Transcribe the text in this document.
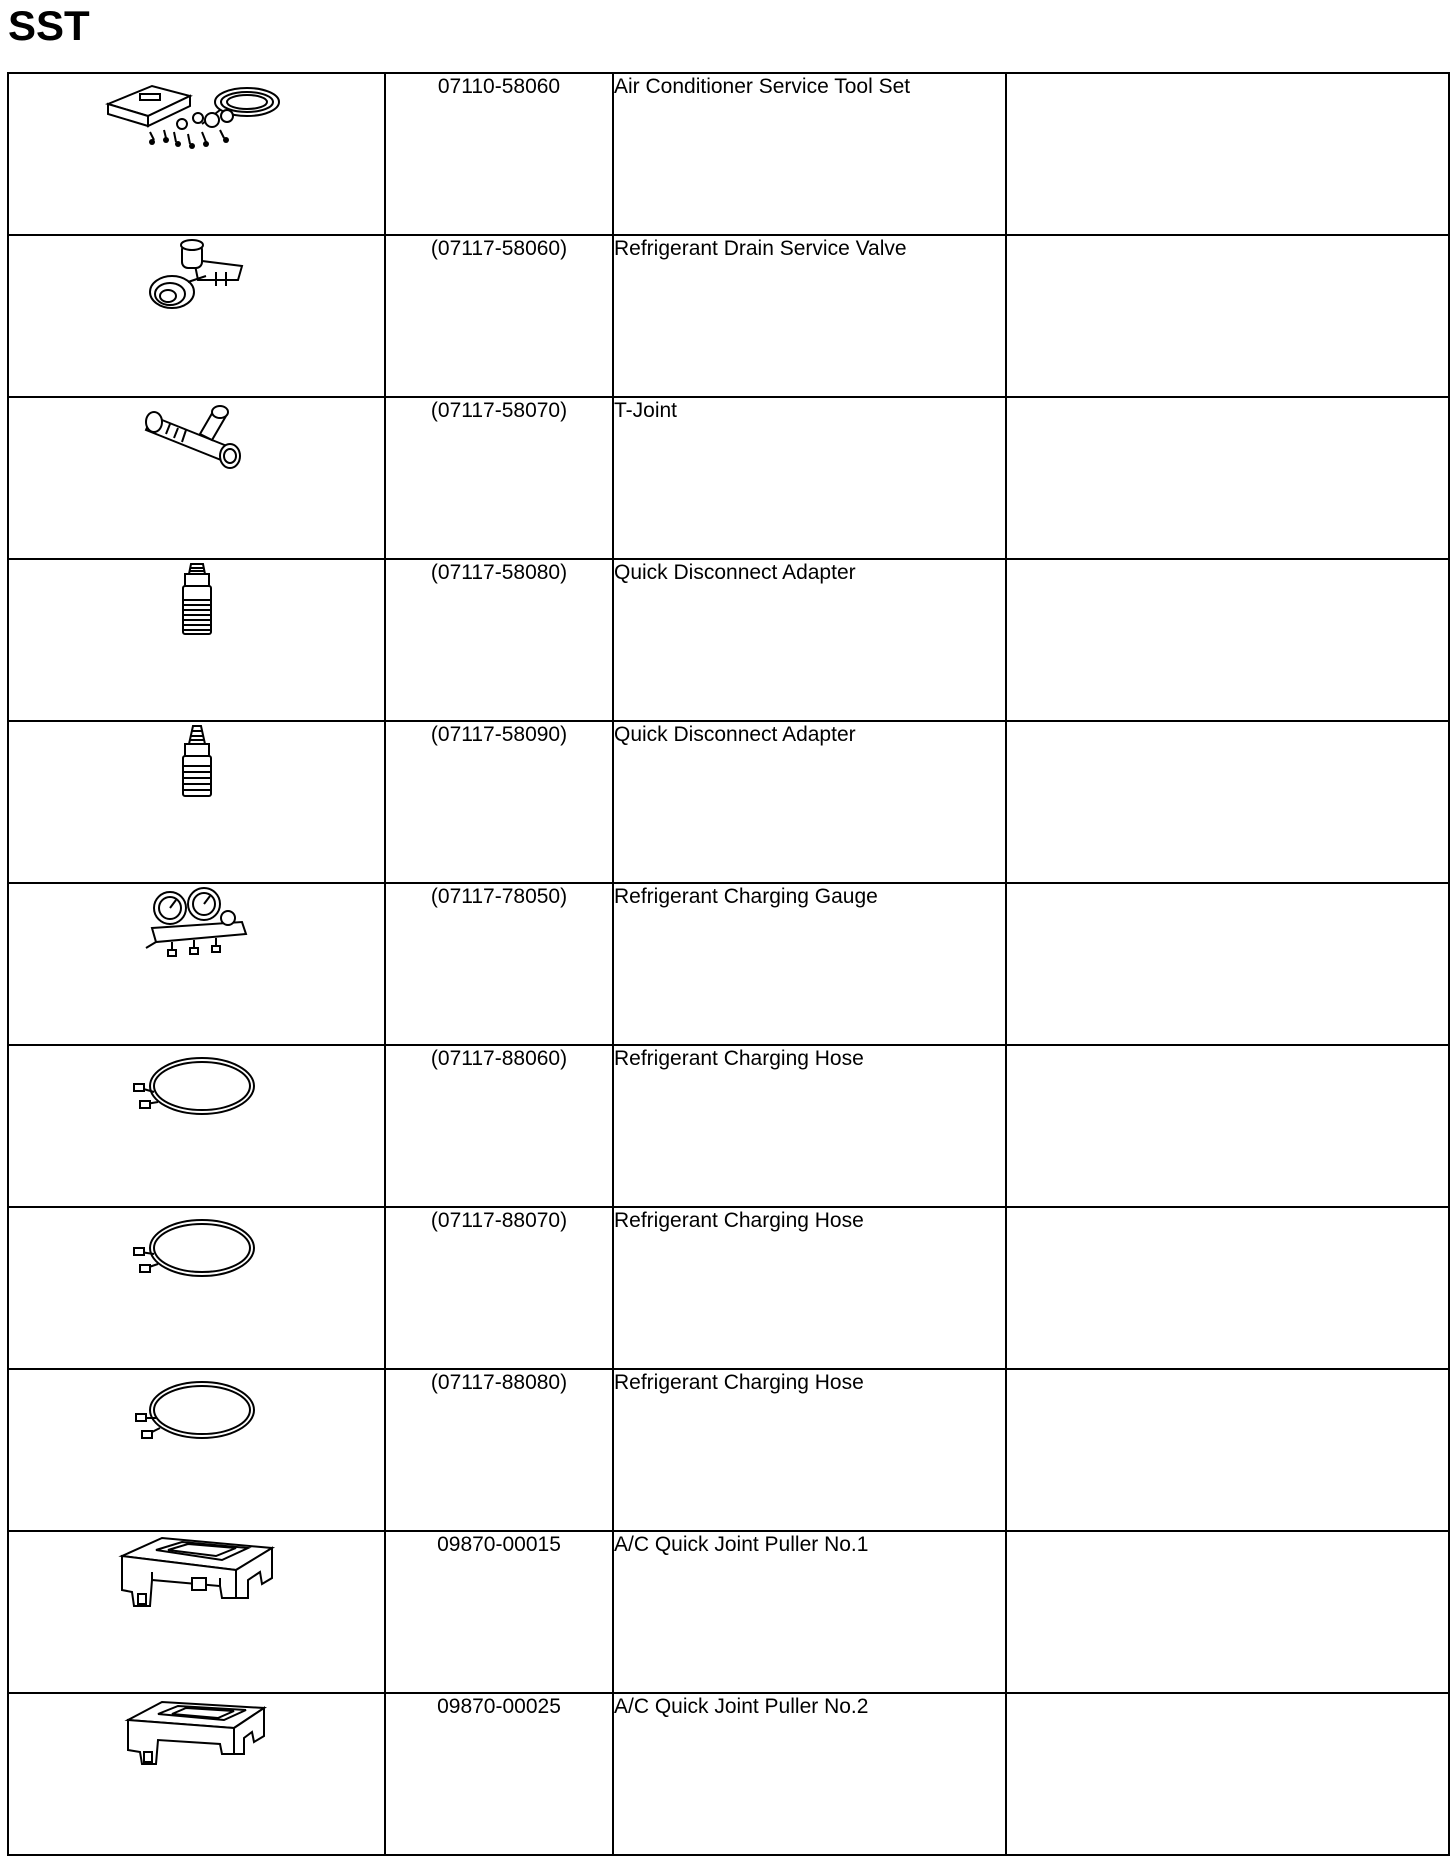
SST
	07110-58060	Air Conditioner Service Tool Set	
	(07117-58060)	Refrigerant Drain Service Valve	
	(07117-58070)	T-Joint	
	(07117-58080)	Quick Disconnect Adapter	
	(07117-58090)	Quick Disconnect Adapter	
	(07117-78050)	Refrigerant Charging Gauge	
	(07117-88060)	Refrigerant Charging Hose	
	(07117-88070)	Refrigerant Charging Hose	
	(07117-88080)	Refrigerant Charging Hose	
	09870-00015	A/C Quick Joint Puller No.1	
	09870-00025	A/C Quick Joint Puller No.2	
